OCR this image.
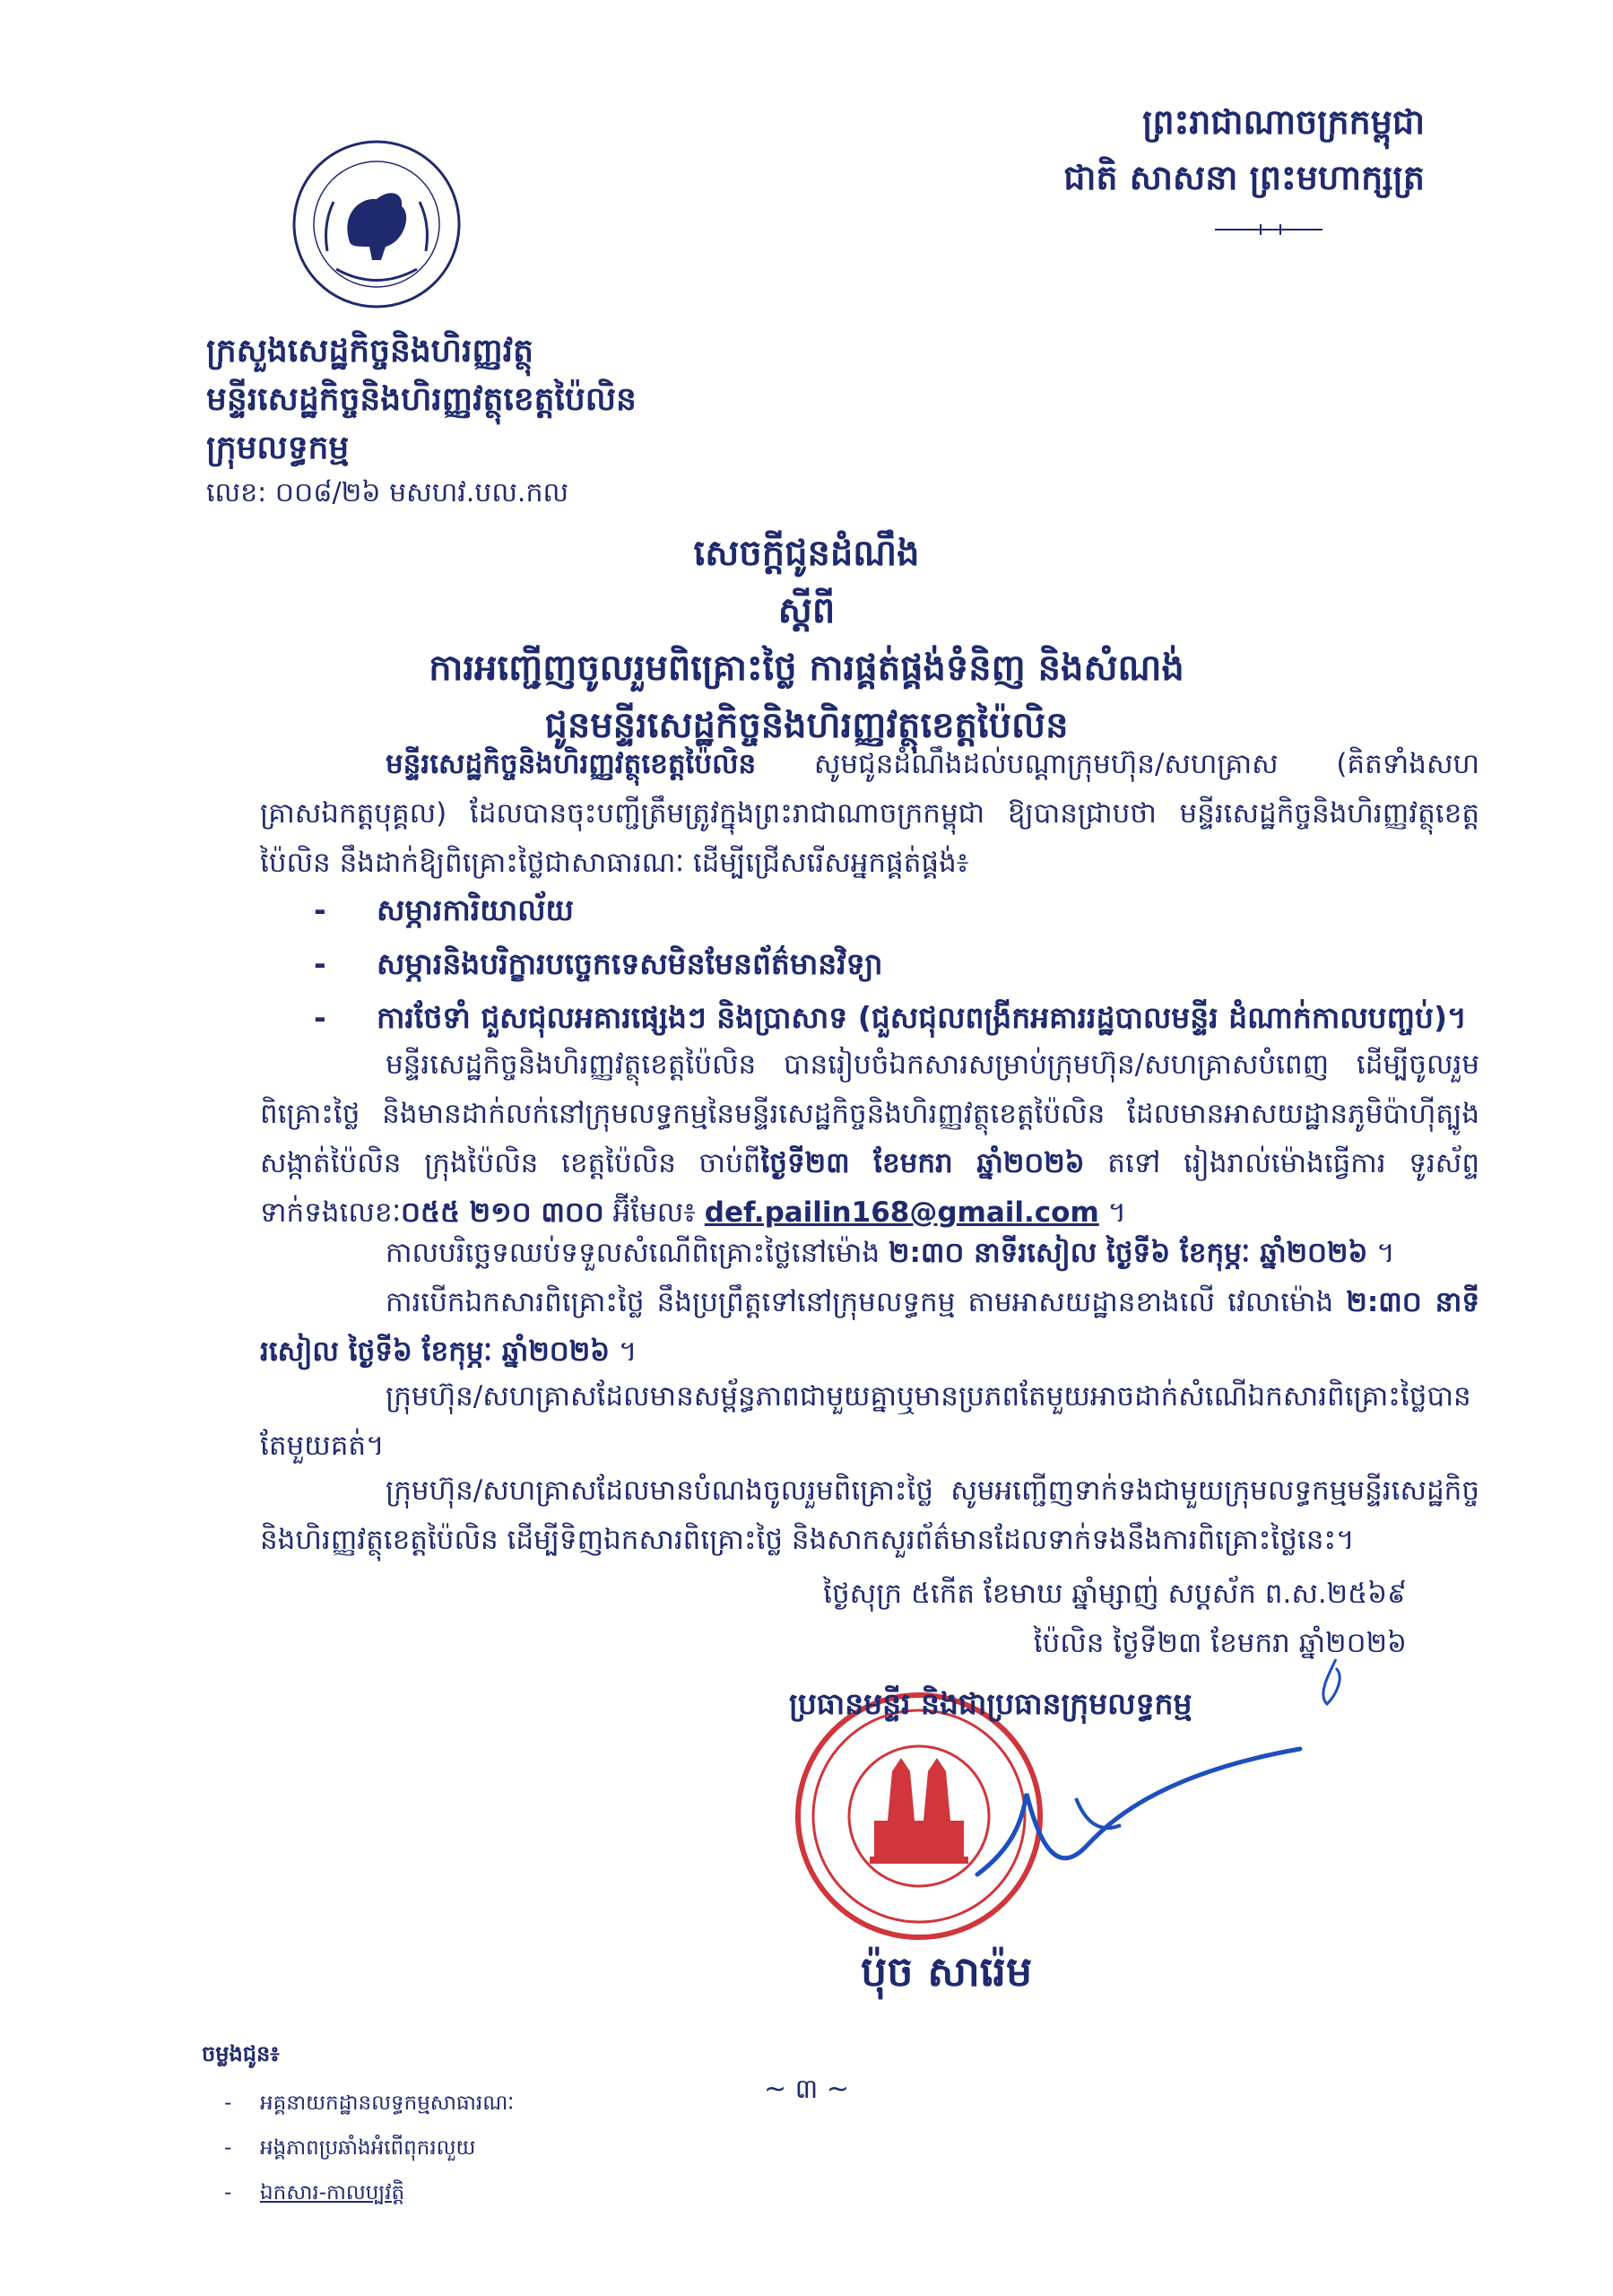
ព្រះរាជាណាចក្រកម្ពុជា
ជាតិ សាសនា ព្រះមហាក្សត្រ
ក្រសួងសេដ្ឋកិច្ចនិងហិរញ្ញវត្ថុ
មន្ទីរសេដ្ឋកិច្ចនិងហិរញ្ញវត្ថុខេត្តប៉ៃលិន
ក្រុមលទ្ធកម្ម
លេខ: ០០៨/២៦ មសហវ.បល.កល
សេចក្តីជូនដំណឹង
ស្តីពី
ការអញ្ជើញចូលរួមពិគ្រោះថ្លៃ ការផ្គត់ផ្គង់ទំនិញ និងសំណង់
ជូនមន្ទីរសេដ្ឋកិច្ចនិងហិរញ្ញវត្ថុខេត្តប៉ៃលិន
មន្ទីរសេដ្ឋកិច្ចនិងហិរញ្ញវត្ថុខេត្តប៉ៃលិន សូមជូនដំណឹងដល់បណ្តាក្រុមហ៊ុន/សហគ្រាស (គិតទាំងសហគ្រាសឯកត្តបុគ្គល) ដែលបានចុះបញ្ជីត្រឹមត្រូវក្នុងព្រះរាជាណាចក្រកម្ពុជា ឱ្យបានជ្រាបថា មន្ទីរសេដ្ឋកិច្ចនិងហិរញ្ញវត្ថុខេត្តប៉ៃលិន នឹងដាក់ឱ្យពិគ្រោះថ្លៃជាសាធារណៈ ដើម្បីជ្រើសរើសអ្នកផ្គត់ផ្គង់៖
- សម្ភារការិយាល័យ
- សម្ភារនិងបរិក្ខារបច្ចេកទេសមិនមែនព័ត៌មានវិទ្យា
- ការថែទាំ ជួសជុលអគារផ្សេងៗ និងប្រាសាទ (ជួសជុលពង្រីកអគាររដ្ឋបាលមន្ទីរ ដំណាក់កាលបញ្ចប់)។
មន្ទីរសេដ្ឋកិច្ចនិងហិរញ្ញវត្ថុខេត្តប៉ៃលិន បានរៀបចំឯកសារសម្រាប់ក្រុមហ៊ុន/សហគ្រាសបំពេញ ដើម្បីចូលរួមពិគ្រោះថ្លៃ និងមានដាក់លក់នៅក្រុមលទ្ធកម្មនៃមន្ទីរសេដ្ឋកិច្ចនិងហិរញ្ញវត្ថុខេត្តប៉ៃលិន ដែលមានអាសយដ្ឋានភូមិប៉ាហ៊ីត្បូង សង្កាត់ប៉ៃលិន ក្រុងប៉ៃលិន ខេត្តប៉ៃលិន ចាប់ពីថ្ងៃទី២៣ ខែមករា ឆ្នាំ២០២៦ តទៅ រៀងរាល់ម៉ោងធ្វើការ ទូរស័ព្ទទាក់ទងលេខៈ០៥៥ ២១០ ៣០០ អ៊ីមែល៖ def.pailin168@gmail.com ។
កាលបរិច្ឆេទឈប់ទទួលសំណើពិគ្រោះថ្លៃនៅម៉ោង ២:៣០ នាទីរសៀល ថ្ងៃទី៦ ខែកុម្ភៈ ឆ្នាំ២០២៦ ។
ការបើកឯកសារពិគ្រោះថ្លៃ នឹងប្រព្រឹត្តទៅនៅក្រុមលទ្ធកម្ម តាមអាសយដ្ឋានខាងលើ វេលាម៉ោង ២:៣០ នាទីរសៀល ថ្ងៃទី៦ ខែកុម្ភៈ ឆ្នាំ២០២៦ ។
ក្រុមហ៊ុន/សហគ្រាសដែលមានសម្ព័ន្ធភាពជាមួយគ្នាឬមានប្រភពតែមួយអាចដាក់សំណើឯកសារពិគ្រោះថ្លៃបានតែមួយគត់។
ក្រុមហ៊ុន/សហគ្រាសដែលមានបំណងចូលរួមពិគ្រោះថ្លៃ សូមអញ្ជើញទាក់ទងជាមួយក្រុមលទ្ធកម្មមន្ទីរសេដ្ឋកិច្ចនិងហិរញ្ញវត្ថុខេត្តប៉ៃលិន ដើម្បីទិញឯកសារពិគ្រោះថ្លៃ និងសាកសួរព័ត៌មានដែលទាក់ទងនឹងការពិគ្រោះថ្លៃនេះ។
ថ្ងៃសុក្រ ៥កើត ខែមាឃ ឆ្នាំម្សាញ់ សប្តស័ក ព.ស.២៥៦៩
ប៉ៃលិន ថ្ងៃទី២៣ ខែមករា ឆ្នាំ២០២៦
ប្រធានមន្ទីរ និងជាប្រធានក្រុមលទ្ធកម្ម
ប៉ុច សារ៉េម
ចម្លងជូន៖
- អគ្គនាយកដ្ឋានលទ្ធកម្មសាធារណៈ
- អង្គភាពប្រឆាំងអំពើពុករលួយ
- ឯកសារ-កាលប្បវត្តិ
~ ៣ ~
